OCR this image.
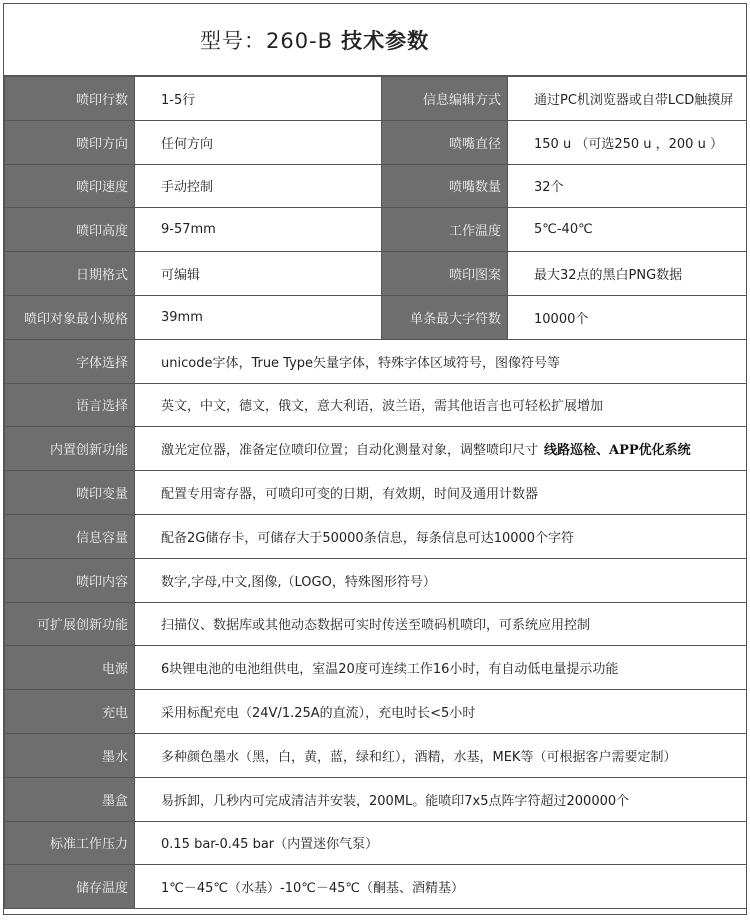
型号：260-B 技术参数
喷印行数	1-5行	信息编辑方式	通过PC机浏览器或自带LCD触摸屏
喷印方向	任何方向	喷嘴直径	150 u （可选250 u ，200 u ）
喷印速度	手动控制	喷嘴数量	32个
喷印高度	9-57mm	工作温度	5℃-40℃
日期格式	可编辑	喷印图案	最大32点的黑白PNG数据
喷印对象最小规格	39mm	单条最大字符数	10000个
字体选择	unicode字体，True Type矢量字体，特殊字体区域符号，图像符号等		
语言选择	英文，中文，德文，俄文，意大利语，波兰语，需其他语言也可轻松扩展增加		
内置创新功能	激光定位器，准备定位喷印位置；自动化测量对象，调整喷印尺寸 线路巡检、APP优化系统		
喷印变量	配置专用寄存器，可喷印可变的日期，有效期，时间及通用计数器		
信息容量	配备2G储存卡，可储存大于50000条信息，每条信息可达10000个字符		
喷印内容	数字,字母,中文,图像,（LOGO，特殊图形符号）		
可扩展创新功能	扫描仪、数据库或其他动态数据可实时传送至喷码机喷印，可系统应用控制		
电源	6块锂电池的电池组供电，室温20度可连续工作16小时，有自动低电量提示功能		
充电	采用标配充电（24V/1.25A的直流），充电时长<5小时		
墨水	多种颜色墨水（黑，白，黄，蓝，绿和红），酒精，水基，MEK等（可根据客户需要定制）		
墨盒	易拆卸，几秒内可完成清洁并安装，200ML。能喷印7x5点阵字符超过200000个		
标准工作压力	0.15 bar-0.45 bar（内置迷你气泵）		
储存温度	1℃－45℃（水基）-10℃－45℃（酮基、酒精基）		
